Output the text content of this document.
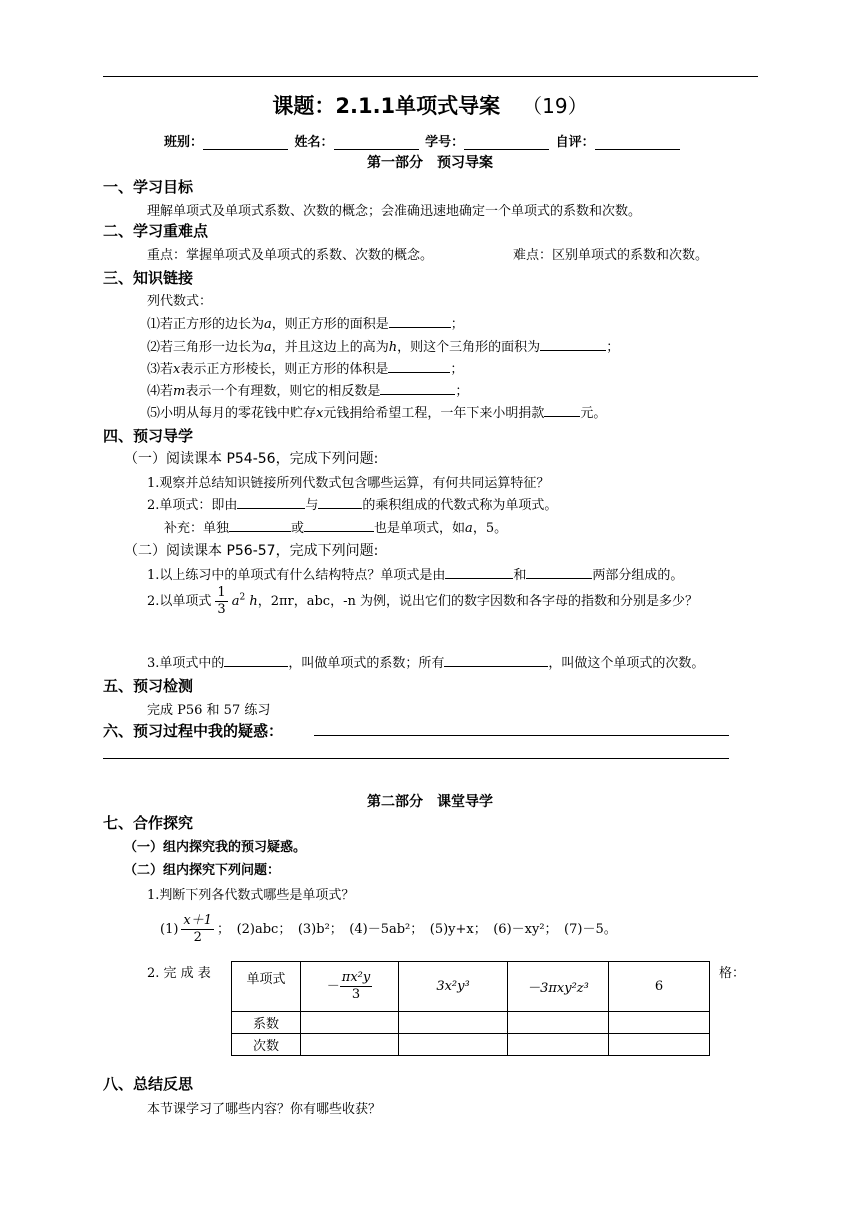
课题：2.1.1单项式导案 （19）
班别：	姓名：	学号：	自评：
第一部分　预习导案
一、学习目标
理解单项式及单项式系数、次数的概念；会准确迅速地确定一个单项式的系数和次数。
二、学习重难点
重点：掌握单项式及单项式的系数、次数的概念。	难点：区别单项式的系数和次数。
三、知识链接
列代数式：
⑴若正方形的边长为a，则正方形的面积是	；
⑵若三角形一边长为a，并且这边上的高为h，则这个三角形的面积为	；
⑶若x表示正方形棱长，则正方形的体积是	；
⑷若m表示一个有理数，则它的相反数是	；
⑸小明从每月的零花钱中贮存x元钱捐给希望工程，一年下来小明捐款	元。
四、预习导学
（一）阅读课本 P54-56，完成下列问题:
1.观察并总结知识链接所列代数式包含哪些运算，有何共同运算特征？
2.单项式：即由	与	的乘积组成的代数式称为单项式。
补充：单独	或	也是单项式，如a，5。
（二）阅读课本 P56-57，完成下列问题:
1.以上练习中的单项式有什么结构特点？单项式是由	和	两部分组成的。
2.以单项式 $\frac{1}{3} a^2$ h，2πr，abc，-n 为例，说出它们的数字因数和各字母的指数和分别是多少？
3.单项式中的	，叫做单项式的系数；所有	，叫做这个单项式的次数。
五、预习检测
完成 P56 和 57 练习
六、预习过程中我的疑惑：
第二部分　课堂导学
七、合作探究
（一）组内探究我的预习疑惑。
（二）组内探究下列问题：
1.判断下列各代数式哪些是单项式？
$(1) \frac{x+1}{2}$ ；　 (2)abc；　(3)b²；　(4)－5ab²；　(5)y+x；　(6)－xy²；　(7)－5。
2. 完 成 表	格：
单项式	－ $\frac{\text{πx²y}}{3}$	3x²y³	－3πxy²z³	6
系数				
次数				
八、总结反思
本节课学习了哪些内容？你有哪些收获？
